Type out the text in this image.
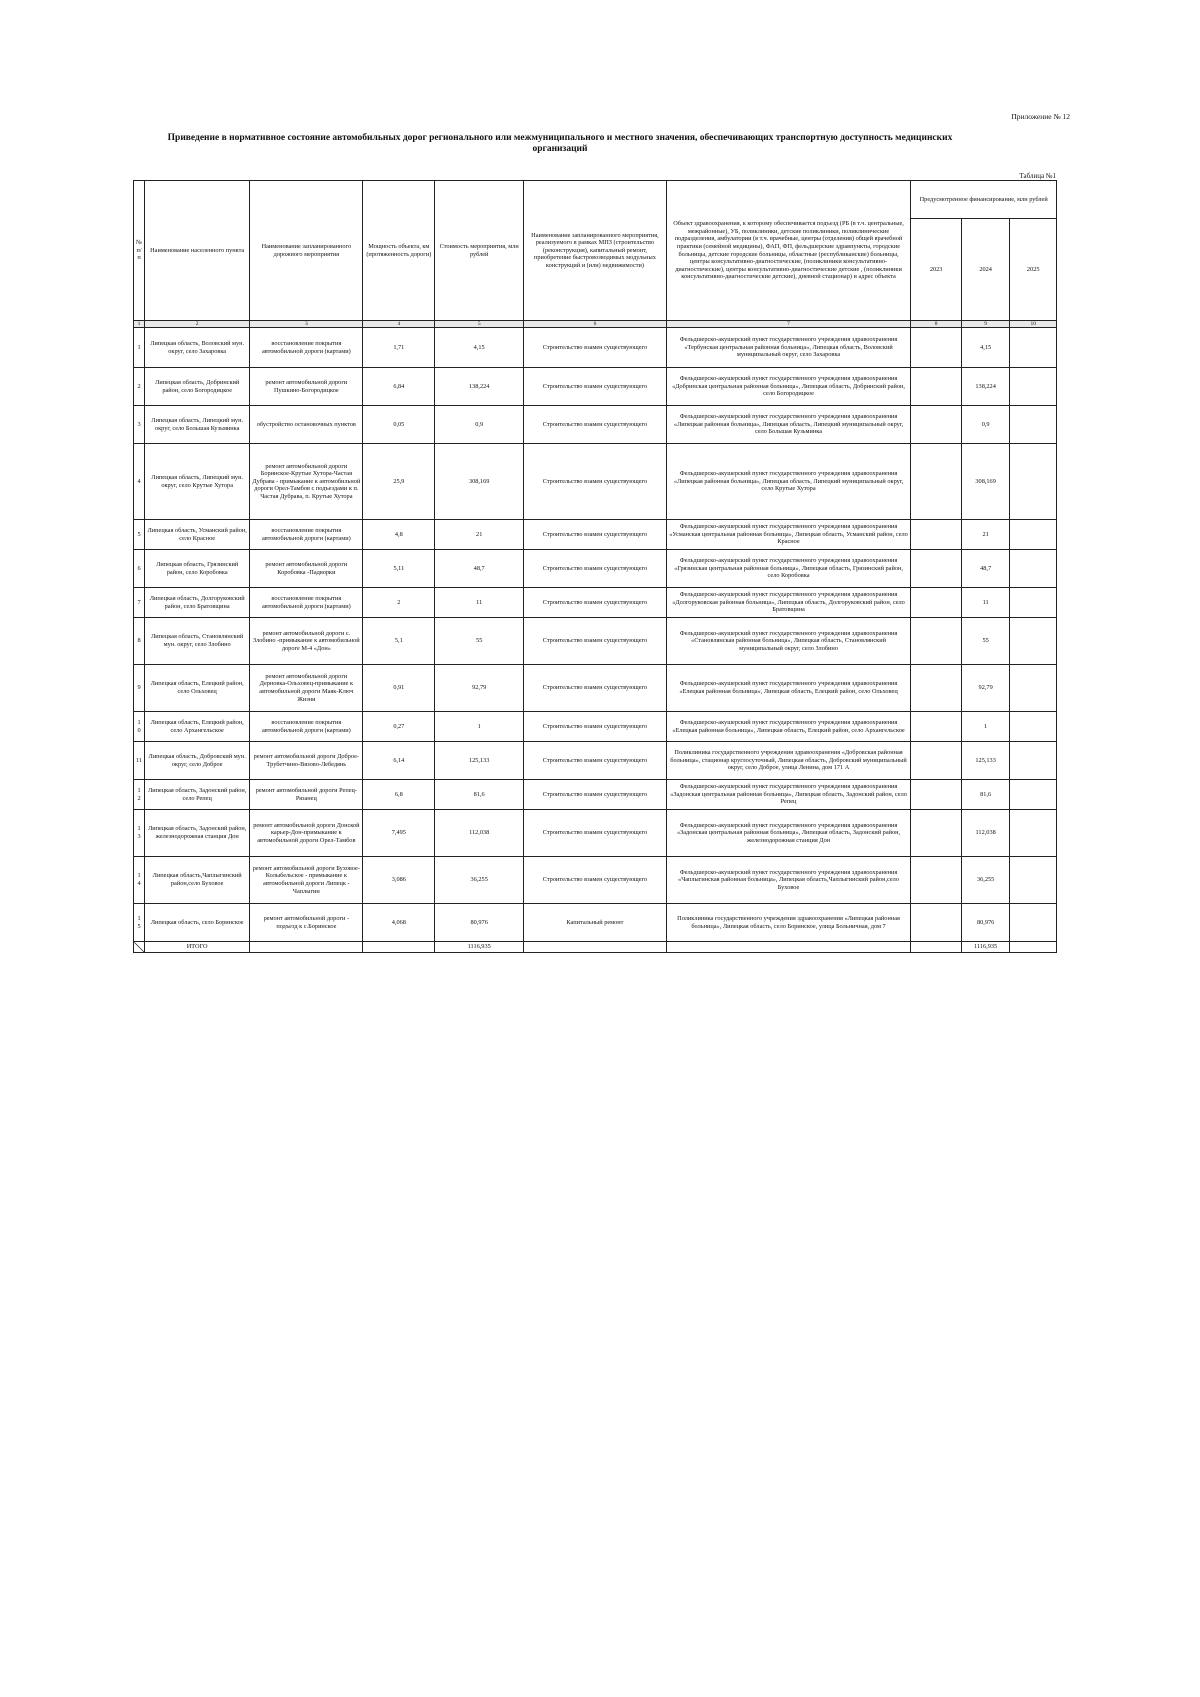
Приложение № 12
Приведение в нормативное состояние автомобильных дорог регионального или межмуниципального и местного значения, обеспечивающих транспортную доступность медицинских организаций
Таблица №1
№ п/п	Наименование населенного пункта	Наименование запланированного дорожного мероприятия	Мощность объекта, км (протяженность дороги)	Стоимость мероприятия, млн рублей	Наименование запланированного мероприятия, реализуемого в рамках МПЗ (строительство (реконструкция), капитальный ремонт, приобретение быстровозводимых модульных конструкций и (или) недвижимости)	Объект здравоохранения, к которому обеспечивается подъезд (РБ (в т.ч. центральные, межрайонные), УБ, поликлиники, детские поликлиники, поликлинические подразделения, амбулатории (в т.ч. врачебные, центры (отделения) общей врачебной практики (семейной медицины), ФАП, ФП, фельдшерские здравпункты, городские больницы, детские городские больницы, областные (республиканские) больницы, центры консультативно-диагностические, (поликлиники консультативно-диагностические), центры консультативно-диагностические детские , (поликлиники консультативно-диагностические детские), дневной стационар) и адрес объекта	Предусмотренное финансирование, млн рублей		
							2023	2024	2025
1	2	3	4	5	6	7	8	9	10
1	Липецкая область, Воловский мун. округ, село Захаровка	восстановление покрытия автомобильной дороги (картами)	1,71	4,15	Строительство взамен существующего	Фельдшерско-акушерский пункт государственного учреждения здравоохранения «Тербунская центральная районная больница», Липецкая область, Воловский муниципальный округ, село Захаровка		4,15	
2	Липецкая область, Добринский район, село Богородицкое	ремонт автомобильной дороги Пушкино-Богородицкое	6,84	138,224	Строительство взамен существующего	Фельдшерско-акушерский пункт государственного учреждения здравоохранения «Добринская центральная районная больница», Липецкая область, Добринский район, село Богородицкое		138,224	
3	Липецкая область, Липецкий мун. округ, село Большая Кузьминка	обустройство остановочных пунктов	0,05	0,9	Строительство взамен существующего	Фельдшерско-акушерский пункт государственного учреждения здравоохранения «Липецкая районная больница», Липецкая область, Липецкий муниципальный округ, село Большая Кузьминка		0,9	
4	Липецкая область, Липецкий мун. округ, село Крутые Хутора	ремонт автомобильной дороги Боринское-Крутые Хутора-Частая Дубрава - примыкание к автомобильной дороги Орел-Тамбов с подъездами к п. Частая Дубрава, п. Крутые Хутора	25,9	308,169	Строительство взамен существующего	Фельдшерско-акушерский пункт государственного учреждения здравоохранения «Липецкая районная больница», Липецкая область, Липецкий муниципальный округ, село Крутые Хутора		308,169	
5	Липецкая область, Усманский район, село Красное	восстановление покрытия автомобильной дороги (картами)	4,8	21	Строительство взамен существующего	Фельдшерско-акушерский пункт государственного учреждения здравоохранения «Усманская центральная районная больница», Липецкая область, Усманский район, село Красное		21	
6	Липецкая область, Грязинский район, село Коробовка	ремонт автомобильной дороги Коробовка -Падворки	5,11	48,7	Строительство взамен существующего	Фельдшерско-акушерский пункт государственного учреждения здравоохранения «Грязинская центральная районная больница», Липецкая область, Грязинский район, село Коробовка		48,7	
7	Липецкая область, Долгоруковский район, село Братовщина	восстановление покрытия автомобильной дороги (картами)	2	11	Строительство взамен существующего	Фельдшерско-акушерский пункт государственного учреждения здравоохранения «Долгоруковская районная больница», Липецкая область, Долгоруковский район, село Братовщина		11	
8	Липецкая область, Становлянский мун. округ, село Злобино	ремонт автомобильной дороги с. Злобино -примыкание к автомобильной дороге М-4 «Дон»	5,1	55	Строительство взамен существующего	Фельдшерско-акушерский пункт государственного учреждения здравоохранения «Становлянская районная больница», Липецкая область, Становлянский муниципальный округ, село Злобино		55	
9	Липецкая область, Елецкий район, село Ольховец	ремонт автомобильной дороги Дерновка-Ольховец-примыкание к автомобильной дороги Маяк-Ключ Жизни	0,91	92,79	Строительство взамен существующего	Фельдшерско-акушерский пункт государственного учреждения здравоохранения «Елецкая районная больница», Липецкая область, Елецкий район, село Ольховец		92,79	
10	Липецкая область, Елецкий район, село Архангельское	восстановление покрытия автомобильной дороги (картами)	0,27	1	Строительство взамен существующего	Фельдшерско-акушерский пункт государственного учреждения здравоохранения «Елецкая районная больница», Липецкая область, Елецкий район, село Архангельское		1	
11	Липецкая область, Добровский мун. округ, село Доброе	ремонт автомобильной дороги Доброе-Трубетчино-Вязово-Лебедянь	6,14	125,133	Строительство взамен существующего	Поликлиника государственного учреждения здравоохранения «Добровская районная больница», стационар круглосуточный, Липецкая область, Добровский муниципальный округ, село Доброе, улица Ленина, дом 171 А		125,133	
12	Липецкая область, Задонский район, село Репец	ремонт автомобильной дороги Репец-Рязанец	6,8	81,6	Строительство взамен существующего	Фельдшерско-акушерский пункт государственного учреждения здравоохранения «Задонская центральная районная больница», Липецкая область, Задонский район, село Репец		81,6	
13	Липецкая область, Задонский район, железнодорожная станция Дон	ремонт автомобильной дороги Донской карьер-Дон-примыкание к автомобильной дороги Орел-Тамбов	7,495	112,038	Строительство взамен существующего	Фельдшерско-акушерский пункт государственного учреждения здравоохранения «Задонская центральная районная больница», Липецкая область, Задонский район, железнодорожная станция Дон		112,038	
14	Липецкая область,Чаплыгинский район,село Буховое	ремонт автомобильной дороги Буховое-Колыбельское - примыкание к автомобильной дороги Липецк - Чаплыгин	3,086	36,255	Строительство взамен существующего	Фельдшерско-акушерский пункт государственного учреждения здравоохранения «Чаплыгинская районная больница», Липецкая область,Чаплыгинский район,село Буховое		36,255	
15	Липецкая область, село Боринское	ремонт автомобильной дороги - подъезд к с.Боринское	4,068	80,976	Капитальный ремонт	Поликлиника государственного учреждения здравоохранения «Липецкая районная больница», Липецкая область, село Боринское, улица Больничная, дом 7		80,976	
	ИТОГО			1116,935				1116,935	
